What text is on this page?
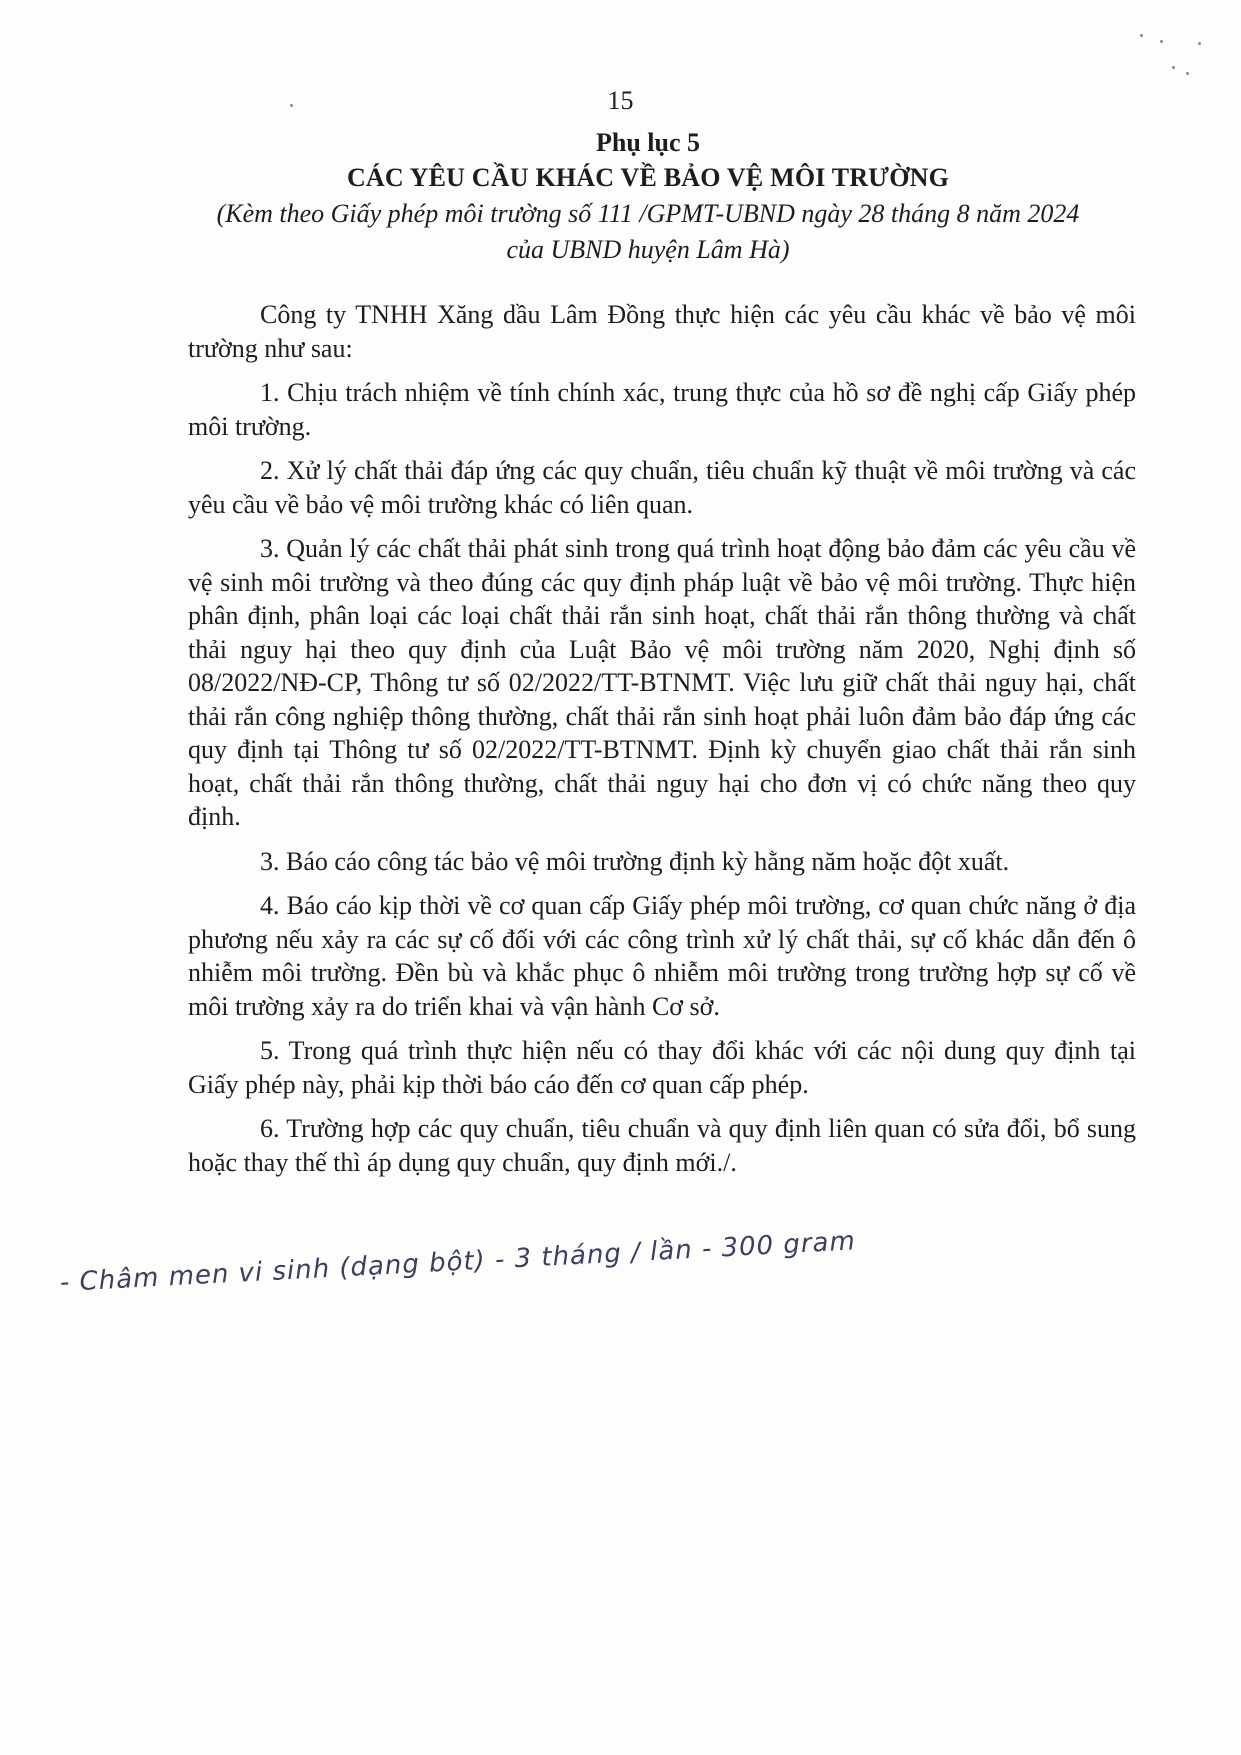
15
Phụ lục 5
CÁC YÊU CẦU KHÁC VỀ BẢO VỆ MÔI TRƯỜNG
(Kèm theo Giấy phép môi trường số 111 /GPMT-UBND ngày 28 tháng 8 năm 2024
của UBND huyện Lâm Hà)

Công ty TNHH Xăng dầu Lâm Đồng thực hiện các yêu cầu khác về bảo vệ môi trường như sau:

1. Chịu trách nhiệm về tính chính xác, trung thực của hồ sơ đề nghị cấp Giấy phép môi trường.

2. Xử lý chất thải đáp ứng các quy chuẩn, tiêu chuẩn kỹ thuật về môi trường và các yêu cầu về bảo vệ môi trường khác có liên quan.

3. Quản lý các chất thải phát sinh trong quá trình hoạt động bảo đảm các yêu cầu về vệ sinh môi trường và theo đúng các quy định pháp luật về bảo vệ môi trường. Thực hiện phân định, phân loại các loại chất thải rắn sinh hoạt, chất thải rắn thông thường và chất thải nguy hại theo quy định của Luật Bảo vệ môi trường năm 2020, Nghị định số 08/2022/NĐ-CP, Thông tư số 02/2022/TT-BTNMT. Việc lưu giữ chất thải nguy hại, chất thải rắn công nghiệp thông thường, chất thải rắn sinh hoạt phải luôn đảm bảo đáp ứng các quy định tại Thông tư số 02/2022/TT-BTNMT. Định kỳ chuyển giao chất thải rắn sinh hoạt, chất thải rắn thông thường, chất thải nguy hại cho đơn vị có chức năng theo quy định.

3. Báo cáo công tác bảo vệ môi trường định kỳ hằng năm hoặc đột xuất.

4. Báo cáo kịp thời về cơ quan cấp Giấy phép môi trường, cơ quan chức năng ở địa phương nếu xảy ra các sự cố đối với các công trình xử lý chất thải, sự cố khác dẫn đến ô nhiễm môi trường. Đền bù và khắc phục ô nhiễm môi trường trong trường hợp sự cố về môi trường xảy ra do triển khai và vận hành Cơ sở.

5. Trong quá trình thực hiện nếu có thay đổi khác với các nội dung quy định tại Giấy phép này, phải kịp thời báo cáo đến cơ quan cấp phép.

6. Trường hợp các quy chuẩn, tiêu chuẩn và quy định liên quan có sửa đổi, bổ sung hoặc thay thế thì áp dụng quy chuẩn, quy định mới./.

- Châm men vi sinh (dạng bột) - 3 tháng / lần - 300 gram
